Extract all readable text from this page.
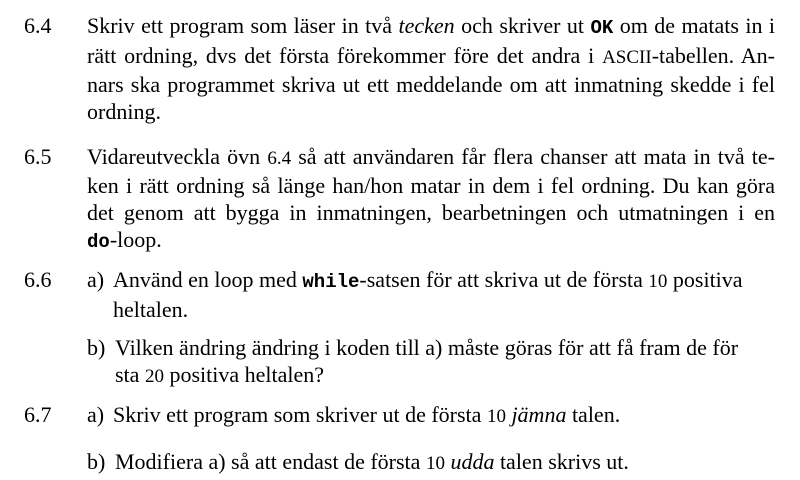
6.4 Skriv ett program som läser in två tecken och skriver ut OK om de matats in i
rätt ordning, dvs det första förekommer före det andra i ASCII-tabellen. An-
nars ska programmet skriva ut ett meddelande om att inmatning skedde i fel
ordning.
6.5 Vidareutveckla övn 6.4 så att användaren får flera chanser att mata in två te-
ken i rätt ordning så länge han/hon matar in dem i fel ordning. Du kan göra
det genom att bygga in inmatningen, bearbetningen och utmatningen i en
do-loop.
6.6 a) Använd en loop med while-satsen för att skriva ut de första 10 positiva
heltalen.
b) Vilken ändring ändring i koden till a) måste göras för att få fram de för
sta 20 positiva heltalen?
6.7 a) Skriv ett program som skriver ut de första 10 jämna talen.
b) Modifiera a) så att endast de första 10 udda talen skrivs ut.
